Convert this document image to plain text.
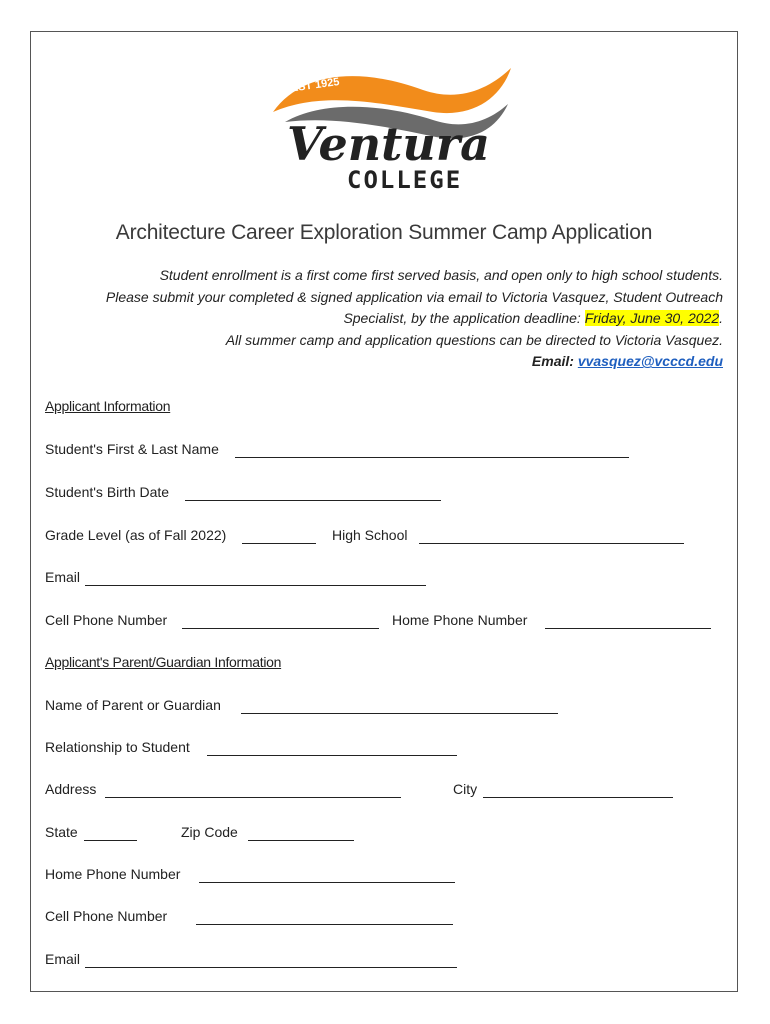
EST 1925
Ventura
COLLEGE
Architecture Career Exploration Summer Camp Application
Student enrollment is a first come first served basis, and open only to high school students.
Please submit your completed & signed application via email to Victoria Vasquez, Student Outreach
Specialist, by the application deadline: Friday, June 30, 2022.
All summer camp and application questions can be directed to Victoria Vasquez.
Email: vvasquez@vcccd.edu
Applicant Information
Student's First & Last Name
Student's Birth Date
Grade Level (as of Fall 2022)	High School
Email
Cell Phone Number	Home Phone Number
Applicant's Parent/Guardian Information
Name of Parent or Guardian
Relationship to Student
Address	City
State	Zip Code
Home Phone Number
Cell Phone Number
Email
